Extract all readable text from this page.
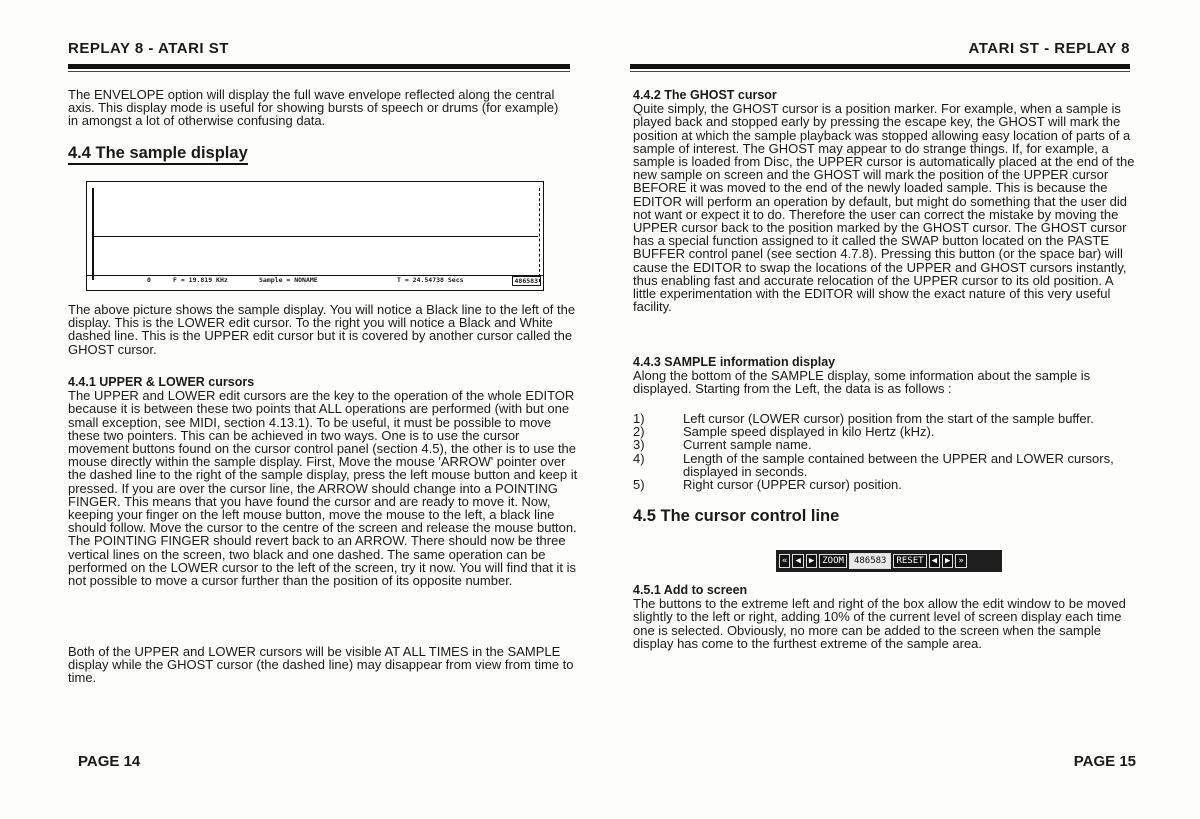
REPLAY 8 - ATARI ST

The ENVELOPE option will display the full wave envelope reflected along the central axis. This display mode is useful for showing bursts of speech or drums (for example) in amongst a lot of otherwise confusing data.

4.4 The sample display
0	F = 19.819 KHz	Sample = NONAME	T = 24.54738 Secs	486583

The above picture shows the sample display. You will notice a Black line to the left of the display. This is the LOWER edit cursor. To the right you will notice a Black and White dashed line. This is the UPPER edit cursor but it is covered by another cursor called the GHOST cursor.

4.4.1 UPPER & LOWER cursors

The UPPER and LOWER edit cursors are the key to the operation of the whole EDITOR because it is between these two points that ALL operations are performed (with but one small exception, see MIDI, section 4.13.1). To be useful, it must be possible to move these two pointers. This can be achieved in two ways. One is to use the cursor movement buttons found on the cursor control panel (section 4.5), the other is to use the mouse directly within the sample display. First, Move the mouse 'ARROW' pointer over the dashed line to the right of the sample display, press the left mouse button and keep it pressed. If you are over the cursor line, the ARROW should change into a POINTING FINGER. This means that you have found the cursor and are ready to move it. Now, keeping your finger on the left mouse button, move the mouse to the left, a black line should follow. Move the cursor to the centre of the screen and release the mouse button. The POINTING FINGER should revert back to an ARROW. There should now be three vertical lines on the screen, two black and one dashed. The same operation can be performed on the LOWER cursor to the left of the screen, try it now. You will find that it is not possible to move a cursor further than the position of its opposite number.

Both of the UPPER and LOWER cursors will be visible AT ALL TIMES in the SAMPLE display while the GHOST cursor (the dashed line) may disappear from view from time to time.

PAGE 14
ATARI ST - REPLAY 8
4.4.2 The GHOST cursor

Quite simply, the GHOST cursor is a position marker. For example, when a sample is played back and stopped early by pressing the escape key, the GHOST will mark the position at which the sample playback was stopped allowing easy location of parts of a sample of interest. The GHOST may appear to do strange things. If, for example, a sample is loaded from Disc, the UPPER cursor is automatically placed at the end of the new sample on screen and the GHOST will mark the position of the UPPER cursor BEFORE it was moved to the end of the newly loaded sample. This is because the EDITOR will perform an operation by default, but might do something that the user did not want or expect it to do. Therefore the user can correct the mistake by moving the UPPER cursor back to the position marked by the GHOST cursor. The GHOST cursor has a special function assigned to it called the SWAP button located on the PASTE BUFFER control panel (see section 4.7.8). Pressing this button (or the space bar) will cause the EDITOR to swap the locations of the UPPER and GHOST cursors instantly, thus enabling fast and accurate relocation of the UPPER cursor to its old position. A little experimentation with the EDITOR will show the exact nature of this very useful facility.

4.4.3 SAMPLE information display

Along the bottom of the SAMPLE display, some information about the sample is displayed. Starting from the Left, the data is as follows :

1)	Left cursor (LOWER cursor) position from the start of the sample buffer.
2)	Sample speed displayed in kilo Hertz (kHz).
3)	Current sample name.
4)	Length of the sample contained between the UPPER and LOWER cursors, displayed in seconds.
5)	Right cursor (UPPER cursor) position.
4.5 The cursor control line
4.5.1 Add to screen

The buttons to the extreme left and right of the box allow the edit window to be moved slightly to the left or right, adding 10% of the current level of screen display each time one is selected. Obviously, no more can be added to the screen when the sample display has come to the furthest extreme of the sample area.

PAGE 15
« ◀ ▶ ZOOM	486583	RESET ◀ ▶ »
